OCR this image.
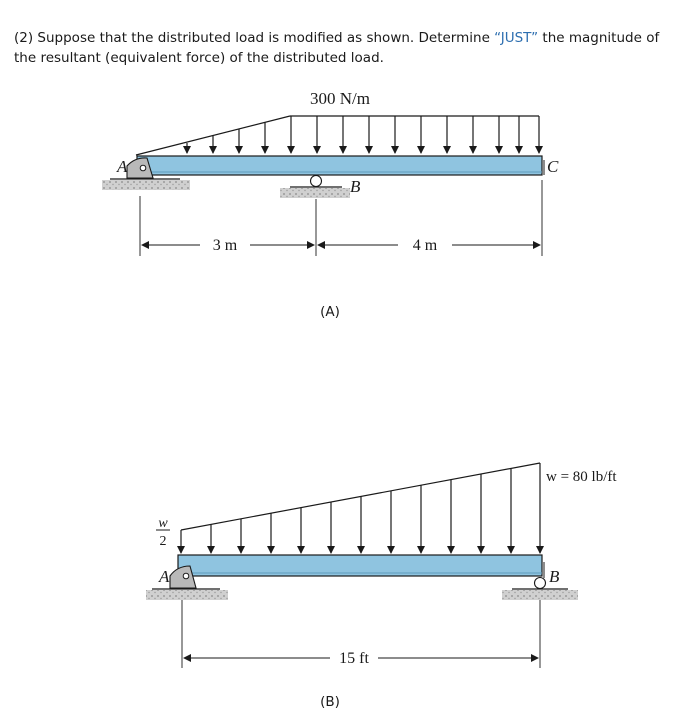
(2) Suppose that the distributed load is modified as shown. Determine “JUST” the magnitude of the resultant (equivalent force) of the distributed load.
300 N/m
A
B
C
3 m	4 m
(A)
w = 80 lb/ft
w
2
A	B
15 ft
(B)
